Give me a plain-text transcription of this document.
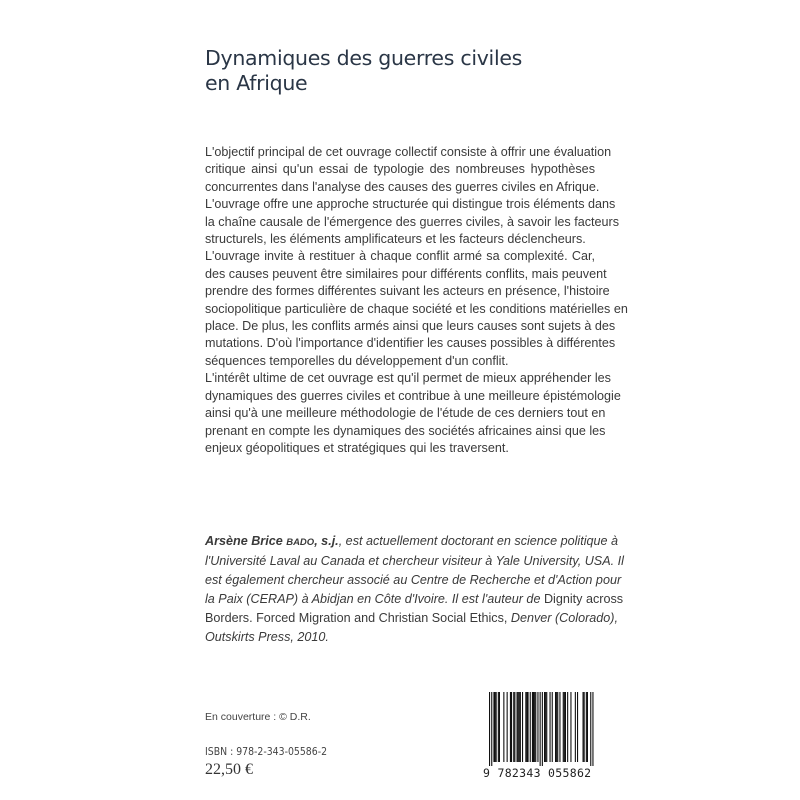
Dynamiques des guerres civiles
en Afrique
L'objectif principal de cet ouvrage collectif consiste à offrir une évaluation
critique ainsi qu'un essai de typologie des nombreuses hypothèses
concurrentes dans l'analyse des causes des guerres civiles en Afrique.
L'ouvrage offre une approche structurée qui distingue trois éléments dans
la chaîne causale de l'émergence des guerres civiles, à savoir les facteurs
structurels, les éléments amplificateurs et les facteurs déclencheurs.
L'ouvrage invite à restituer à chaque conflit armé sa complexité. Car,
des causes peuvent être similaires pour différents conflits, mais peuvent
prendre des formes différentes suivant les acteurs en présence, l'histoire
sociopolitique particulière de chaque société et les conditions matérielles en
place. De plus, les conflits armés ainsi que leurs causes sont sujets à des
mutations. D'où l'importance d'identifier les causes possibles à différentes
séquences temporelles du développement d'un conflit.
L'intérêt ultime de cet ouvrage est qu'il permet de mieux appréhender les
dynamiques des guerres civiles et contribue à une meilleure épistémologie
ainsi qu'à une meilleure méthodologie de l'étude de ces derniers tout en
prenant en compte les dynamiques des sociétés africaines ainsi que les
enjeux géopolitiques et stratégiques qui les traversent.
Arsène Brice BADO, s.j., est actuellement doctorant en science politique à
l'Université Laval au Canada et chercheur visiteur à Yale University, USA. Il
est également chercheur associé au Centre de Recherche et d'Action pour
la Paix (CERAP) à Abidjan en Côte d'Ivoire. Il est l'auteur de Dignity across
Borders. Forced Migration and Christian Social Ethics, Denver (Colorado),
Outskirts Press, 2010.
En couverture : © D.R.
ISBN : 978-2-343-05586-2
22,50 €	9 782343 055862
